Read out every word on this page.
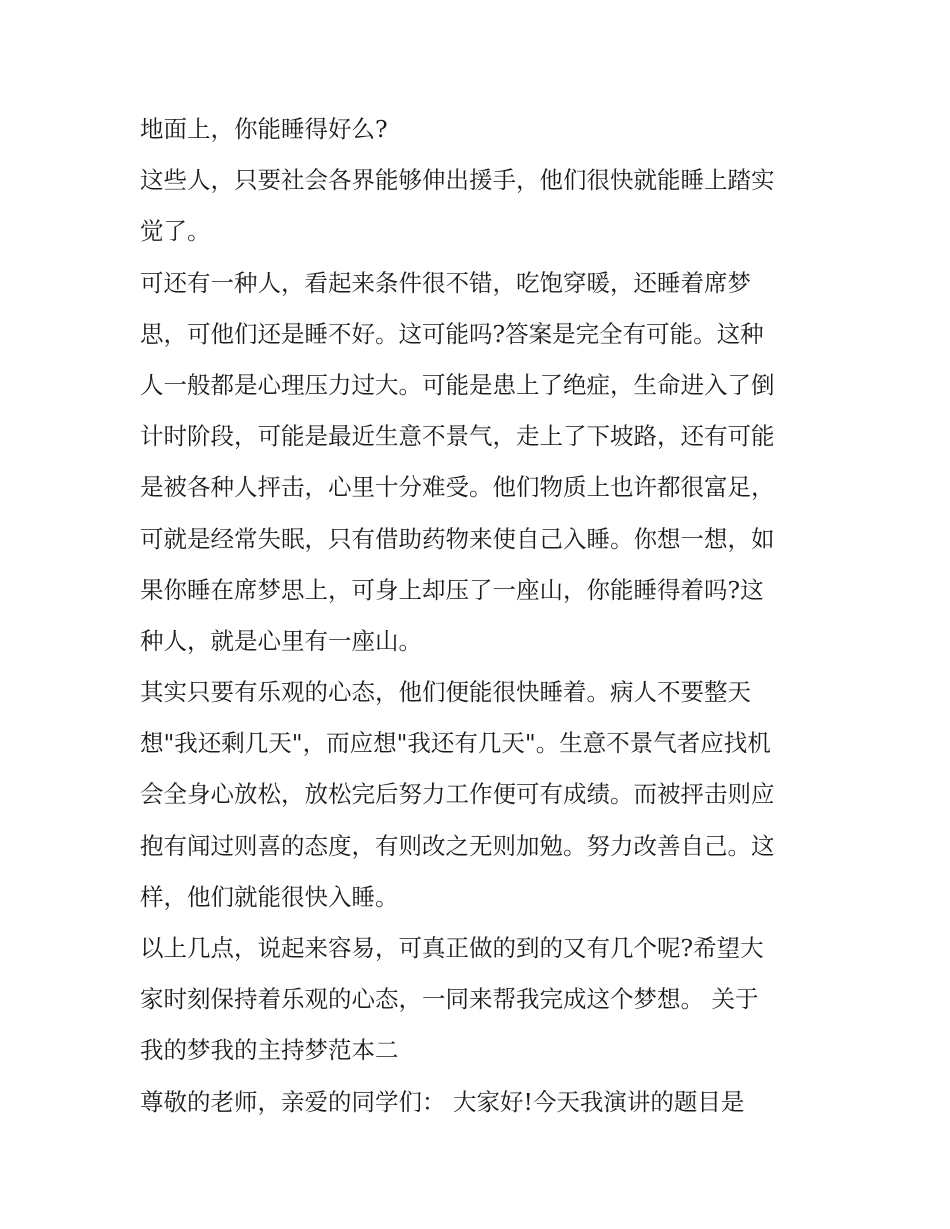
地面上，你能睡得好么?
这些人，只要社会各界能够伸出援手，他们很快就能睡上踏实
觉了。
可还有一种人，看起来条件很不错，吃饱穿暖，还睡着席梦
思，可他们还是睡不好。这可能吗?答案是完全有可能。这种
人一般都是心理压力过大。可能是患上了绝症，生命进入了倒
计时阶段，可能是最近生意不景气，走上了下坡路，还有可能
是被各种人抨击，心里十分难受。他们物质上也许都很富足，
可就是经常失眠，只有借助药物来使自己入睡。你想一想，如
果你睡在席梦思上，可身上却压了一座山，你能睡得着吗?这
种人，就是心里有一座山。
其实只要有乐观的心态，他们便能很快睡着。病人不要整天
想"我还剩几天"，而应想"我还有几天"。生意不景气者应找机
会全身心放松，放松完后努力工作便可有成绩。而被抨击则应
抱有闻过则喜的态度，有则改之无则加勉。努力改善自己。这
样，他们就能很快入睡。
以上几点，说起来容易，可真正做的到的又有几个呢?希望大
家时刻保持着乐观的心态，一同来帮我完成这个梦想。 关于
我的梦我的主持梦范本二
尊敬的老师，亲爱的同学们： 大家好!今天我演讲的题目是
